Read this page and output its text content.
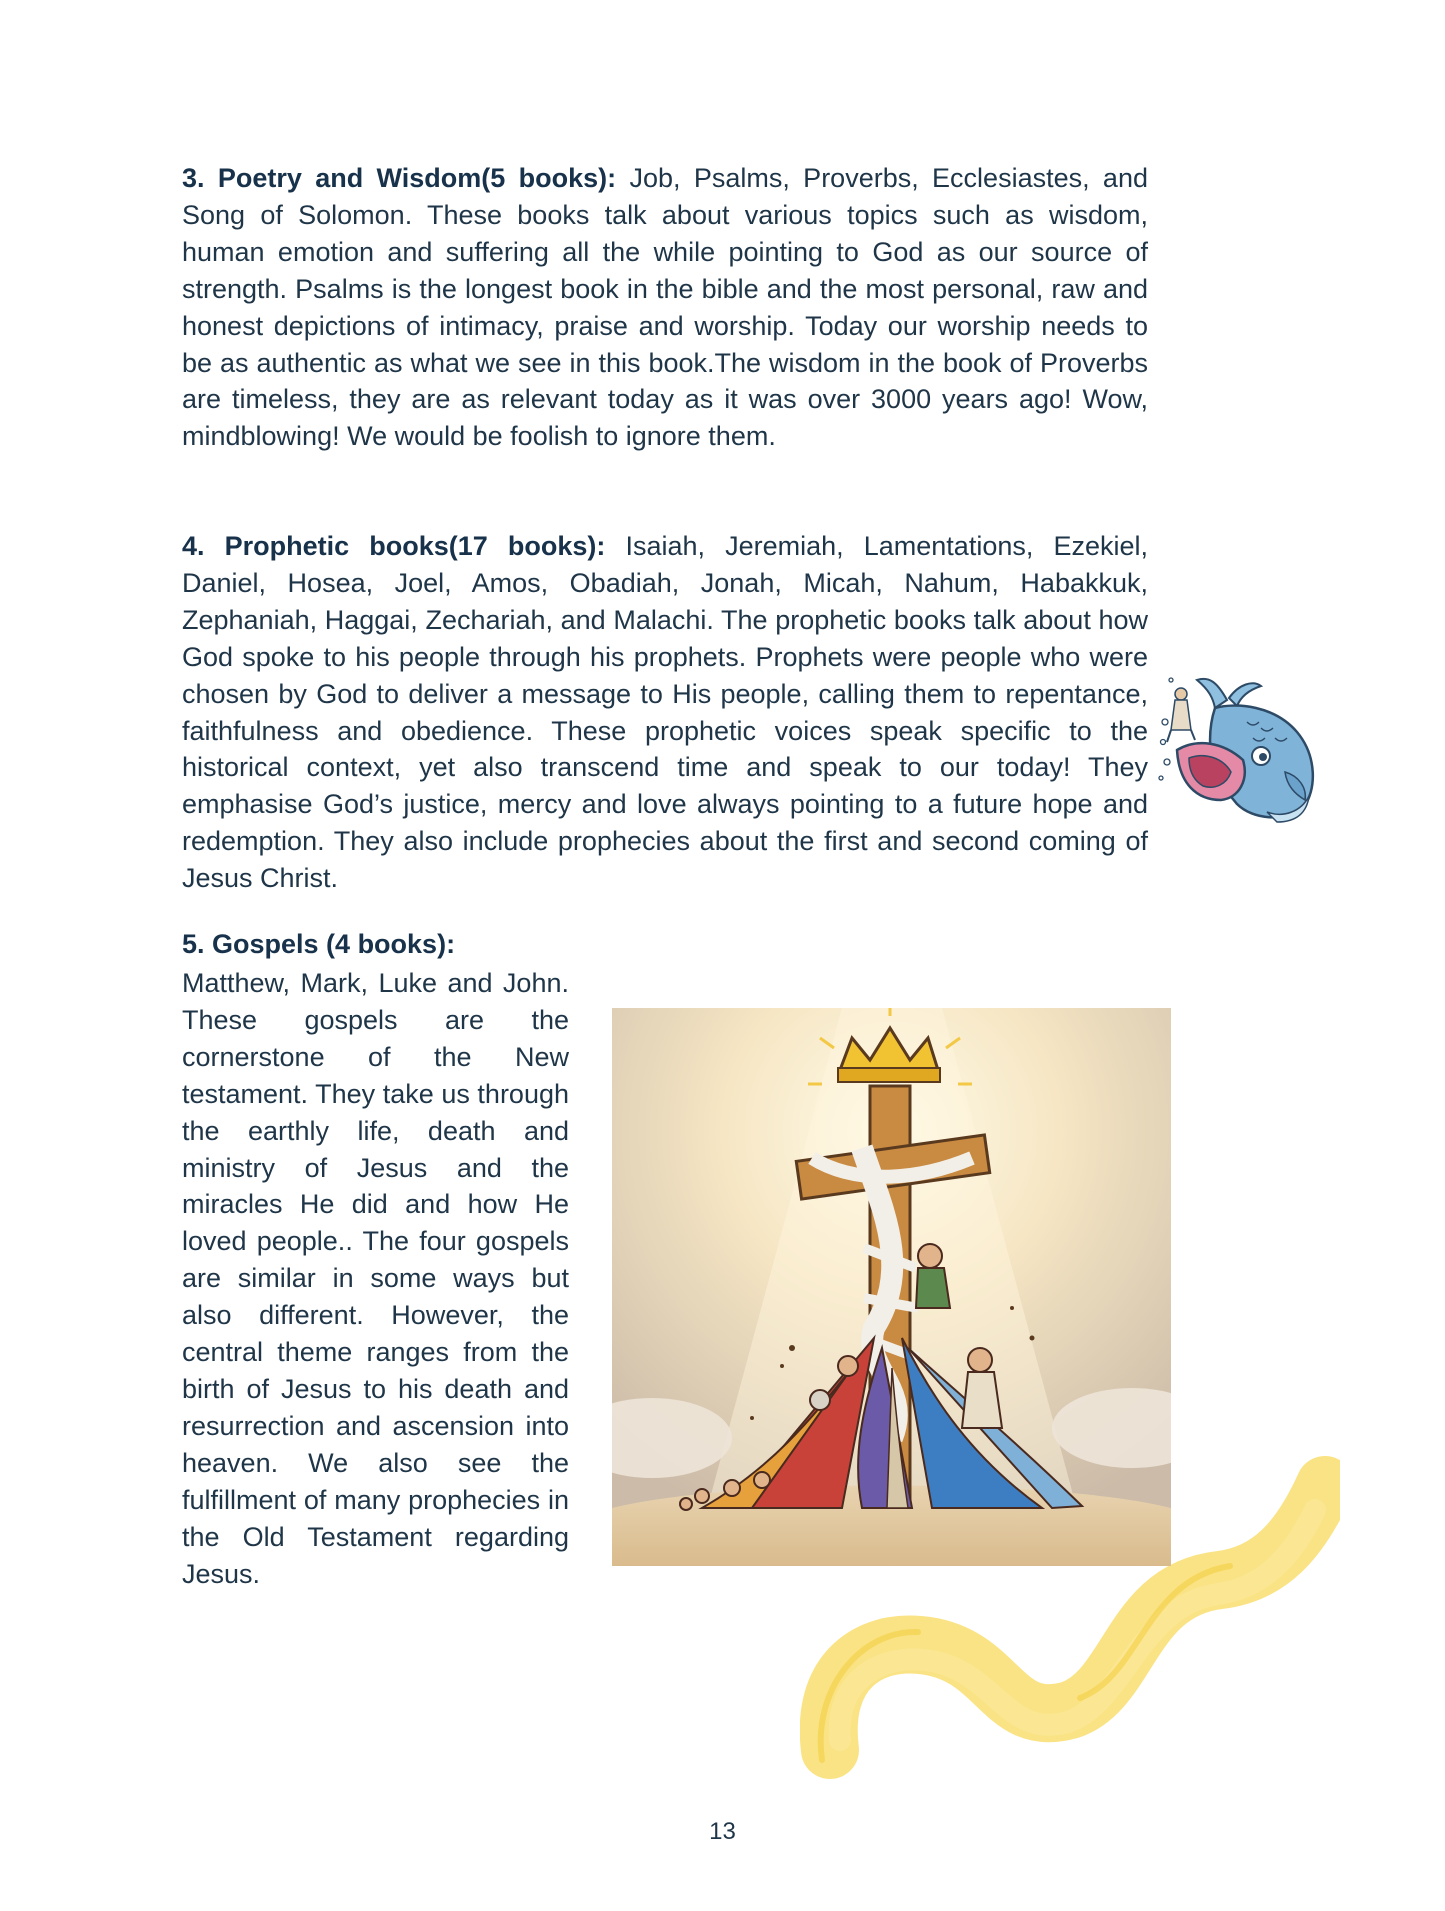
3. Poetry and Wisdom(5 books): Job, Psalms, Proverbs, Ecclesiastes, and Song of Solomon. These books talk about various topics such as wisdom, human emotion and suffering all the while pointing to God as our source of strength. Psalms is the longest book in the bible and the most personal, raw and honest depictions of intimacy, praise and worship. Today our worship needs to be as authentic as what we see in this book.The wisdom in the book of Proverbs are timeless, they are as relevant today as it was over 3000 years ago! Wow, mindblowing! We would be foolish to ignore them.

4. Prophetic books(17 books): Isaiah, Jeremiah, Lamentations, Ezekiel, Daniel, Hosea, Joel, Amos, Obadiah, Jonah, Micah, Nahum, Habakkuk, Zephaniah, Haggai, Zechariah, and Malachi. The prophetic books talk about how God spoke to his people through his prophets. Prophets were people who were chosen by God to deliver a message to His people, calling them to repentance, faithfulness and obedience. These prophetic voices speak specific to the historical context, yet also transcend time and speak to our today! They emphasise God’s justice, mercy and love always pointing to a future hope and redemption. They also include prophecies about the first and second coming of Jesus Christ.

5. Gospels (4 books):

Matthew, Mark, Luke and John. These gospels are the cornerstone of the New testament. They take us through the earthly life, death and ministry of Jesus and the miracles He did and how He loved people.. The four gospels are similar in some ways but also different. However, the central theme ranges from the birth of Jesus to his death and resurrection and ascension into heaven. We also see the fulfillment of many prophecies in the Old Testament regarding Jesus.

13
